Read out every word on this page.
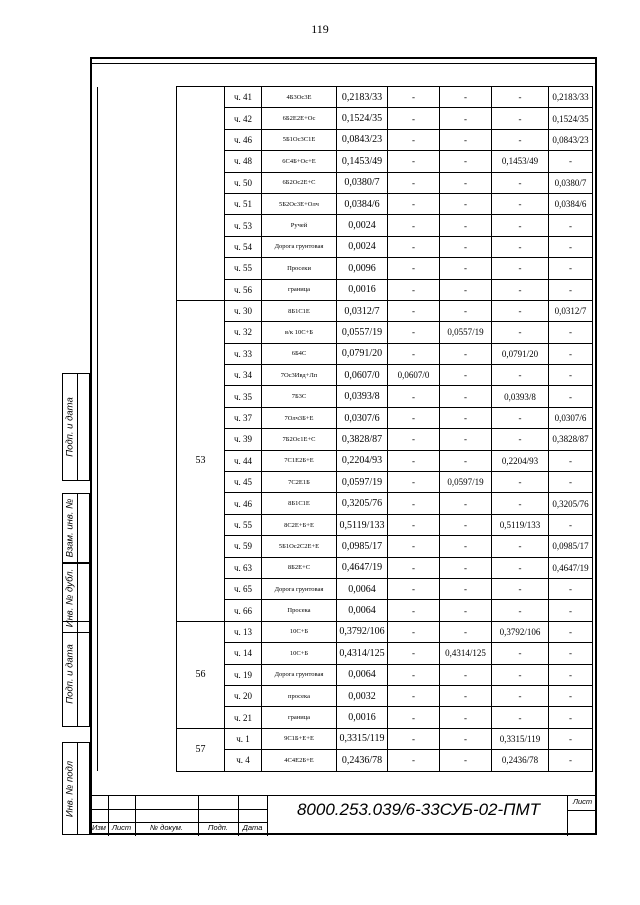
119
		ч. 41	4Б3Ос3Е	0,2183/33	-	-	-	0,2183/33
		ч. 42	6Б2Е2Е+Ос	0,1524/35	-	-	-	0,1524/35
		ч. 46	5Б1Ос3С1Е	0,0843/23	-	-	-	0,0843/23
		ч. 48	6С4Б+Ос+Е	0,1453/49	-	-	0,1453/49	-
		ч. 50	6Б2Ос2Е+С	0,0380/7	-	-	-	0,0380/7
		ч. 51	5Б2Ос3Е+Олч	0,0384/6	-	-	-	0,0384/6
		ч. 53	Ручей	0,0024	-	-	-	-
		ч. 54	Дорога грунтовая	0,0024	-	-	-	-
		ч. 55	Просеки	0,0096	-	-	-	-
		ч. 56	граница	0,0016	-	-	-	-
	53	ч. 30	8Б1С1Е	0,0312/7	-	-	-	0,0312/7
		ч. 32	в/к 10С+Б	0,0557/19	-	0,0557/19	-	-
		ч. 33	6Б4С	0,0791/20	-	-	0,0791/20	-
		ч. 34	7Ос3Ивд+Лп	0,0607/0	0,0607/0	-	-	-
		ч. 35	7Б3С	0,0393/8	-	-	0,0393/8	-
		ч. 37	7Олч3Б+Е	0,0307/6	-	-	-	0,0307/6
		ч. 39	7Б2Ос1Е+С	0,3828/87	-	-	-	0,3828/87
		ч. 44	7С1Е2Б+Е	0,2204/93	-	-	0,2204/93	-
		ч. 45	7С2Е1Б	0,0597/19	-	0,0597/19	-	-
		ч. 46	8Б1С1Е	0,3205/76	-	-	-	0,3205/76
		ч. 55	8С2Е+Б+Е	0,5119/133	-	-	0,5119/133	-
		ч. 59	5Б1Ос2С2Е+Е	0,0985/17	-	-	-	0,0985/17
		ч. 63	8Б2Е+С	0,4647/19	-	-	-	0,4647/19
		ч. 65	Дорога грунтовая	0,0064	-	-	-	-
		ч. 66	Просека	0,0064	-	-	-	-
	56	ч. 13	10С+Б	0,3792/106	-	-	0,3792/106	-
		ч. 14	10С+Б	0,4314/125	-	0,4314/125	-	-
		ч. 19	Дорога грунтовая	0,0064	-	-	-	-
		ч. 20	просека	0,0032	-	-	-	-
		ч. 21	граница	0,0016	-	-	-	-
	57	ч. 1	9С1Б+Е+Е	0,3315/119	-	-	0,3315/119	-
		ч. 4	4С4Е2Б+Е	0,2436/78	-	-	0,2436/78	-
Подп. и дата
Взам. инв. №
Инв. № дубл.
Подп. и дата
Инв. № подл
Изм Лист	№ докум.	Подп.	Дата
8000.253.039/6-33СУБ-02-ПМТ	Лист
